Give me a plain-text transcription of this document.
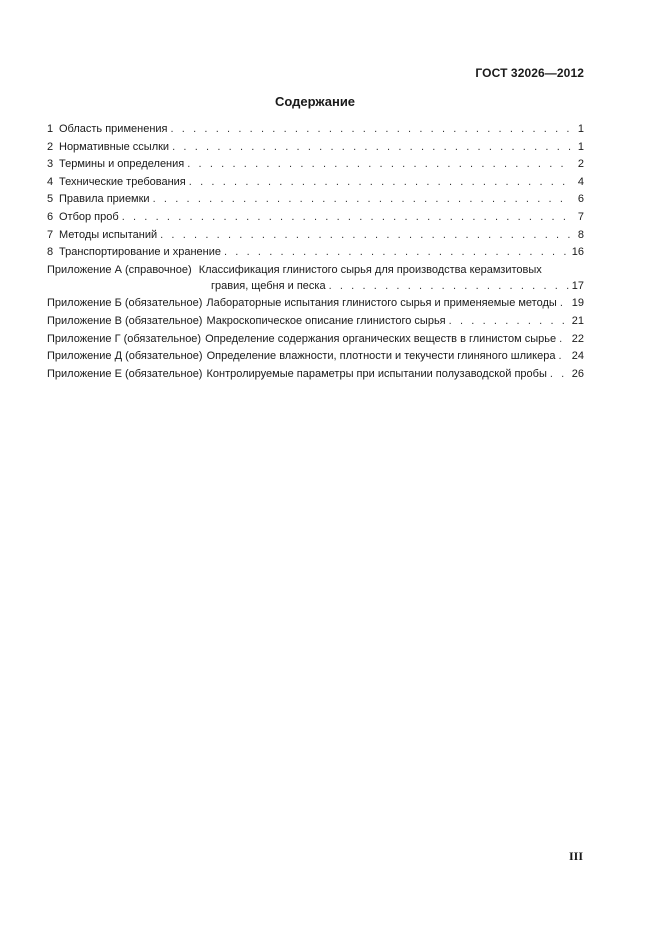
ГОСТ 32026—2012
Содержание
1 Область применения . . .	1
2 Нормативные ссылки . . .	1
3 Термины и определения . . .	2
4 Технические требования . . .	4
5 Правила приемки . . .	6
6 Отбор проб . . .	7
7 Методы испытаний . . .	8
8 Транспортирование и хранение . . .	16
Приложение А (справочное) Классификация глинистого сырья для производства керамзитовых
гравия, щебня и песка . . .	17
Приложение Б (обязательное) Лабораторные испытания глинистого сырья и применяемые методы . . . 19
Приложение В (обязательное) Макроскопическое описание глинистого сырья . . .	21
Приложение Г (обязательное) Определение содержания органических веществ в глинистом сырье . . . 22
Приложение Д (обязательное) Определение влажности, плотности и текучести глиняного шликера . . . 24
Приложение Е (обязательное) Контролируемые параметры при испытании полузаводской пробы . . . 26
III
